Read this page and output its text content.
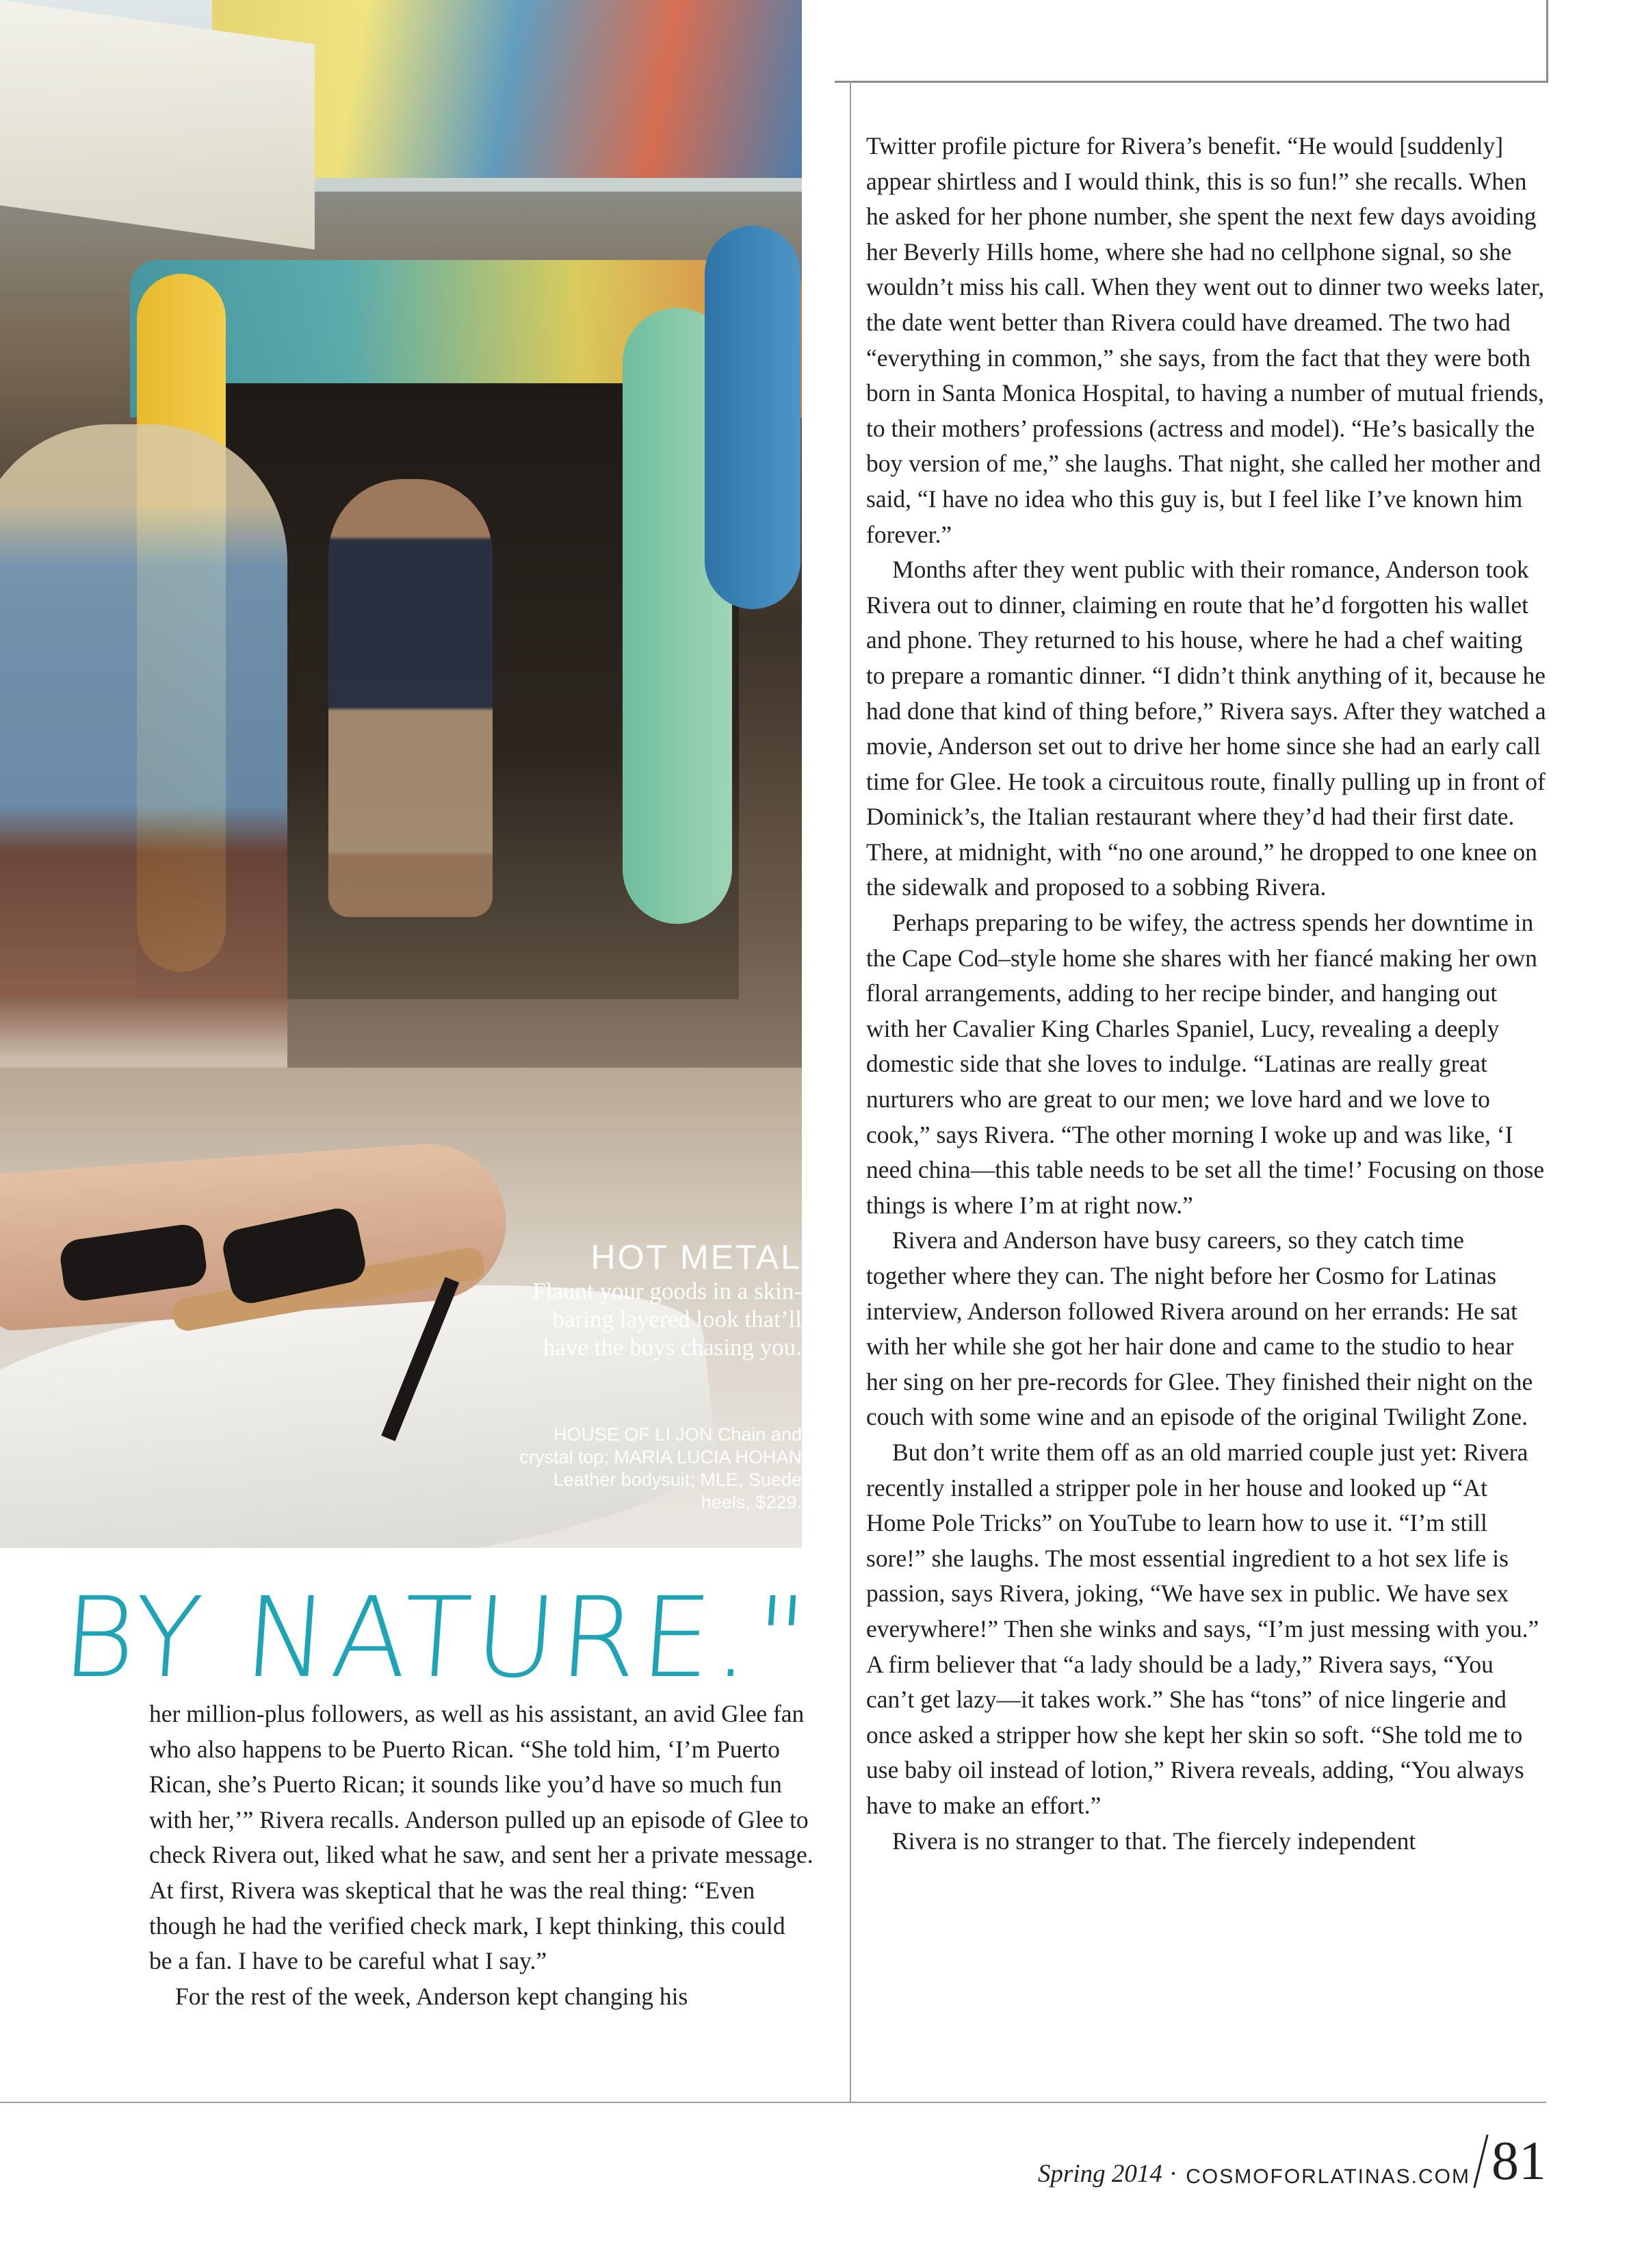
HOT METAL
Flaunt your goods in a skin-baring layered look that’ll have the boys chasing you.
HOUSE OF LI JON Chain and crystal top; MARIA LUCIA HOHAN Leather bodysuit; MLE, Suede heels, $229.
BY NATURE."

her million-plus followers, as well as his assistant, an avid Glee fan who also happens to be Puerto Rican. “She told him, ‘I’m Puerto Rican, she’s Puerto Rican; it sounds like you’d have so much fun with her,’” Rivera recalls. Anderson pulled up an episode of Glee to check Rivera out, liked what he saw, and sent her a private message. At first, Rivera was skeptical that he was the real thing: “Even though he had the verified check mark, I kept thinking, this could be a fan. I have to be careful what I say.”

For the rest of the week, Anderson kept changing his

Twitter profile picture for Rivera’s benefit. “He would [suddenly] appear shirtless and I would think, this is so fun!” she recalls. When he asked for her phone number, she spent the next few days avoiding her Beverly Hills home, where she had no cellphone signal, so she wouldn’t miss his call. When they went out to dinner two weeks later, the date went better than Rivera could have dreamed. The two had “everything in common,” she says, from the fact that they were both born in Santa Monica Hospital, to having a number of mutual friends, to their mothers’ professions (actress and model). “He’s basically the boy version of me,” she laughs. That night, she called her mother and said, “I have no idea who this guy is, but I feel like I’ve known him forever.”

Months after they went public with their romance, Anderson took Rivera out to dinner, claiming en route that he’d forgotten his wallet and phone. They returned to his house, where he had a chef waiting to prepare a romantic dinner. “I didn’t think anything of it, because he had done that kind of thing before,” Rivera says. After they watched a movie, Anderson set out to drive her home since she had an early call time for Glee. He took a circuitous route, finally pulling up in front of Dominick’s, the Italian restaurant where they’d had their first date. There, at midnight, with “no one around,” he dropped to one knee on the sidewalk and proposed to a sobbing Rivera.

Perhaps preparing to be wifey, the actress spends her downtime in the Cape Cod–style home she shares with her fiancé making her own floral arrangements, adding to her recipe binder, and hanging out with her Cavalier King Charles Spaniel, Lucy, revealing a deeply domestic side that she loves to indulge. “Latinas are really great nurturers who are great to our men; we love hard and we love to cook,” says Rivera. “The other morning I woke up and was like, ‘I need china—this table needs to be set all the time!’ Focusing on those things is where I’m at right now.”

Rivera and Anderson have busy careers, so they catch time together where they can. The night before her Cosmo for Latinas interview, Anderson followed Rivera around on her errands: He sat with her while she got her hair done and came to the studio to hear her sing on her pre-records for Glee. They finished their night on the couch with some wine and an episode of the original Twilight Zone.

But don’t write them off as an old married couple just yet: Rivera recently installed a stripper pole in her house and looked up “At Home Pole Tricks” on YouTube to learn how to use it. “I’m still sore!” she laughs. The most essential ingredient to a hot sex life is passion, says Rivera, joking, “We have sex in public. We have sex everywhere!” Then she winks and says, “I’m just messing with you.” A firm believer that “a lady should be a lady,” Rivera says, “You can’t get lazy—it takes work.” She has “tons” of nice lingerie and once asked a stripper how she kept her skin so soft. “She told me to use baby oil instead of lotion,” Rivera reveals, adding, “You always have to make an effort.”

Rivera is no stranger to that. The fiercely independent

Spring 2014 · COSMOFORLATINAS.COM 81
